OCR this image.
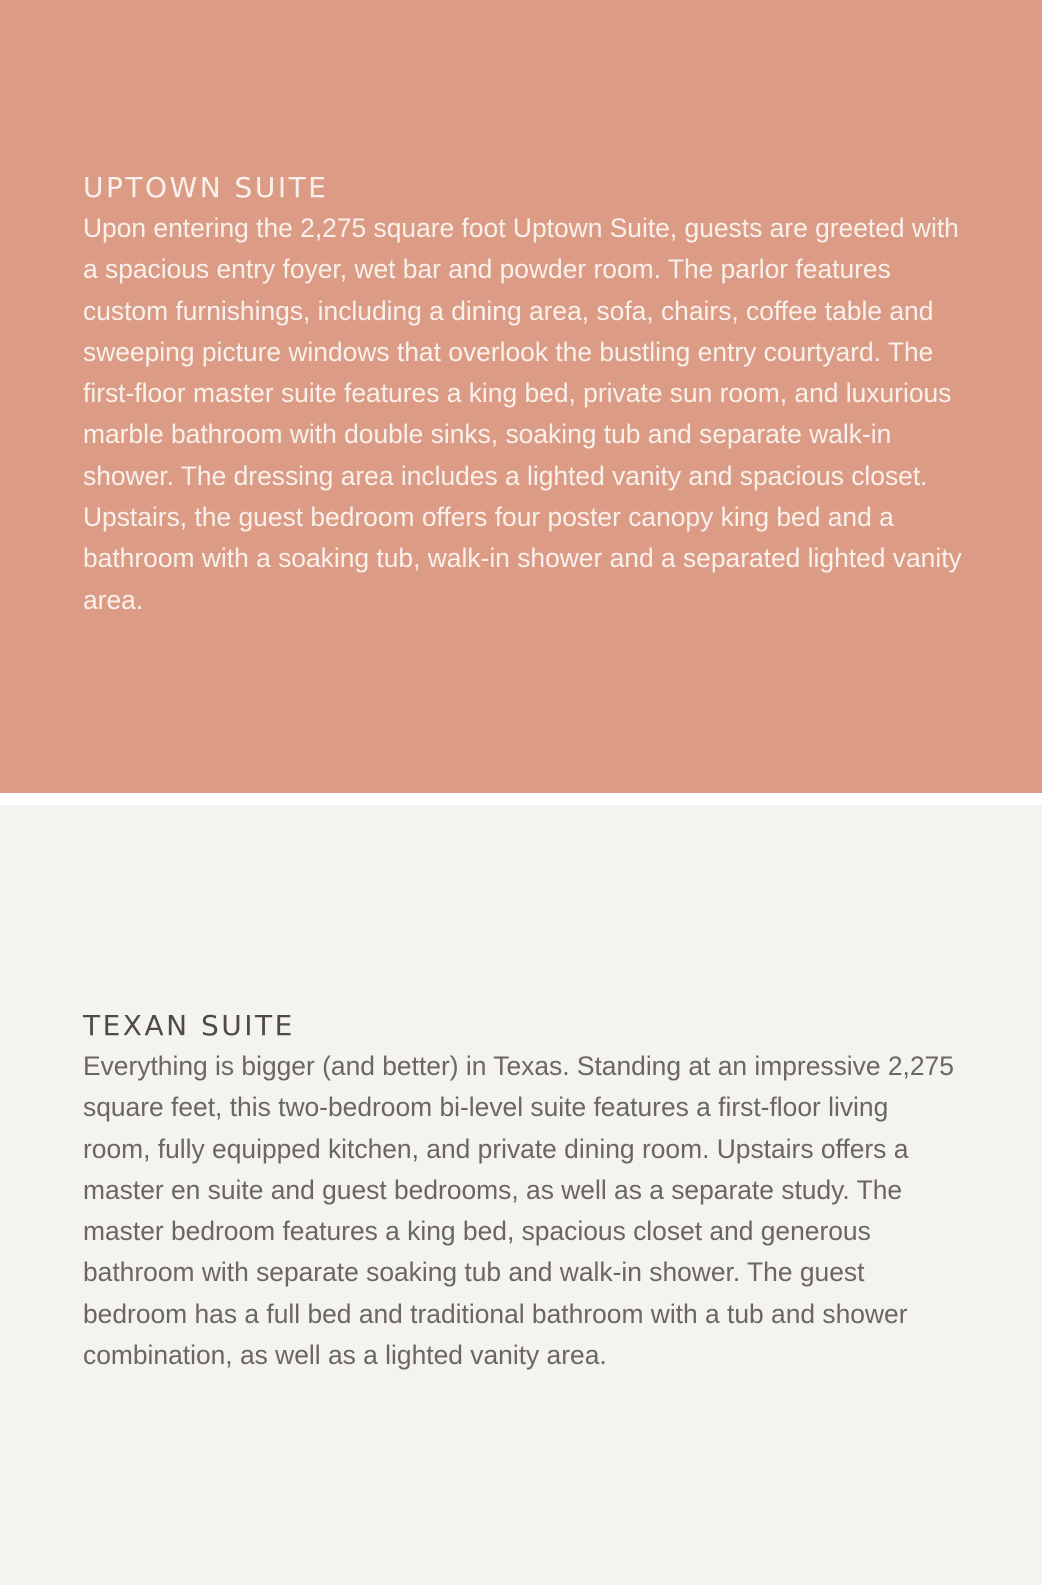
UPTOWN SUITE

Upon entering the 2,275 square foot Uptown Suite, guests are greeted with a spacious entry foyer, wet bar and powder room. The parlor features custom furnishings, including a dining area, sofa, chairs, coffee table and sweeping picture windows that overlook the bustling entry courtyard. The first-floor master suite features a king bed, private sun room, and luxurious marble bathroom with double sinks, soaking tub and separate walk-in shower. The dressing area includes a lighted vanity and spacious closet. Upstairs, the guest bedroom offers four poster canopy king bed and a bathroom with a soaking tub, walk-in shower and a separated lighted vanity area.

TEXAN SUITE

Everything is bigger (and better) in Texas. Standing at an impressive 2,275 square feet, this two-bedroom bi-level suite features a first-floor living room, fully equipped kitchen, and private dining room. Upstairs offers a master en suite and guest bedrooms, as well as a separate study. The master bedroom features a king bed, spacious closet and generous bathroom with separate soaking tub and walk-in shower. The guest bedroom has a full bed and traditional bathroom with a tub and shower combination, as well as a lighted vanity area.
